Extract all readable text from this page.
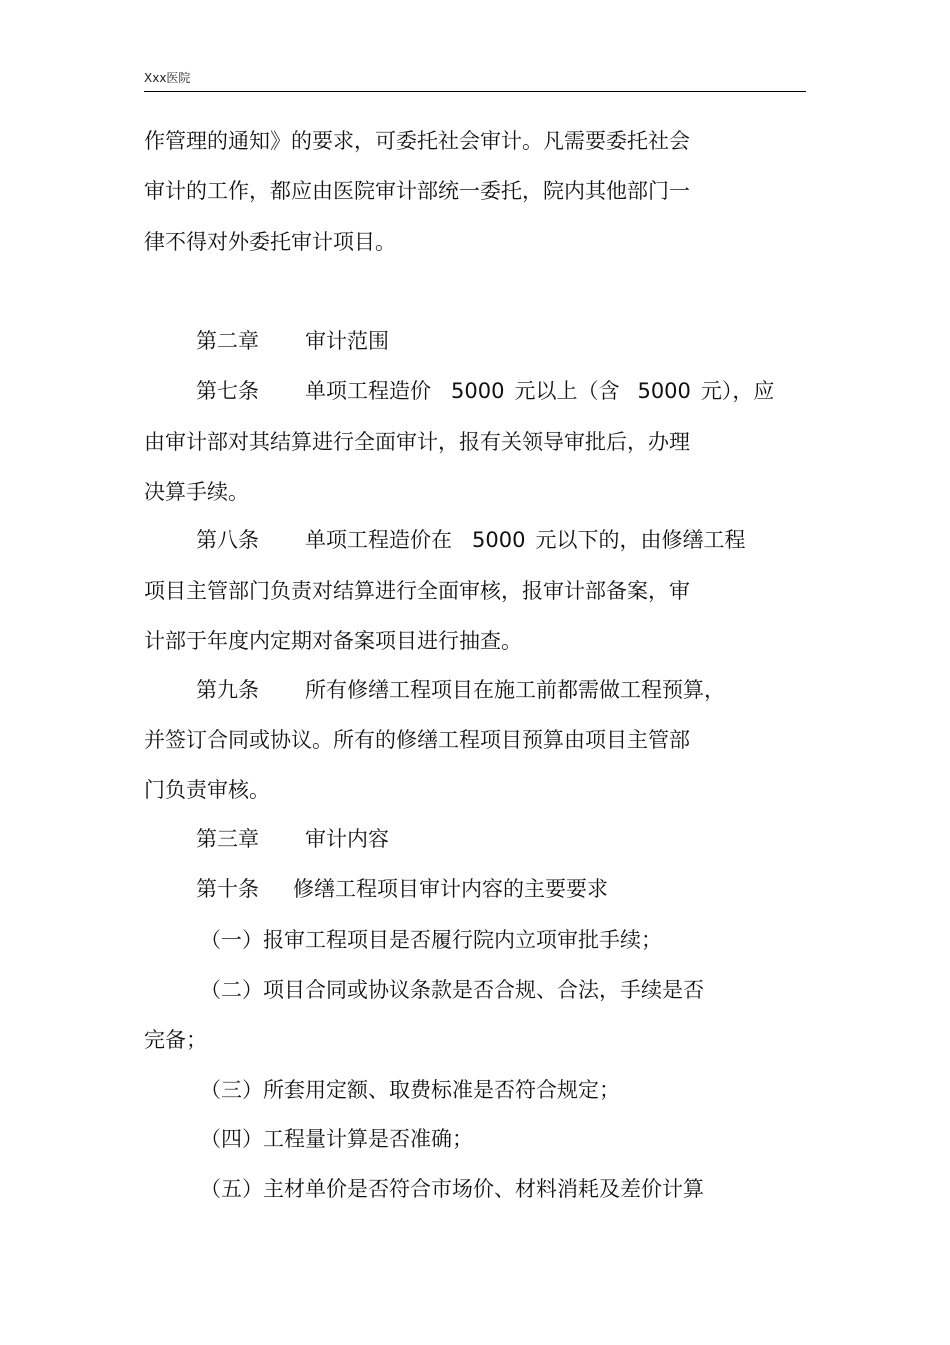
Xxx医院
作管理的通知》的要求，可委托社会审计。凡需要委托社会
审计的工作，都应由医院审计部统一委托，院内其他部门一
律不得对外委托审计项目。
第二章 审计范围
第七条 单项工程造价 5000 元以上（含 5000 元），应
由审计部对其结算进行全面审计，报有关领导审批后，办理
决算手续。
第八条 单项工程造价在 5000 元以下的，由修缮工程
项目主管部门负责对结算进行全面审核，报审计部备案，审
计部于年度内定期对备案项目进行抽查。
第九条 所有修缮工程项目在施工前都需做工程预算，
并签订合同或协议。所有的修缮工程项目预算由项目主管部
门负责审核。
第三章 审计内容
第十条 修缮工程项目审计内容的主要要求
（一）报审工程项目是否履行院内立项审批手续；
（二）项目合同或协议条款是否合规、合法，手续是否
完备；
（三）所套用定额、取费标准是否符合规定；
（四）工程量计算是否准确；
（五）主材单价是否符合市场价、材料消耗及差价计算
